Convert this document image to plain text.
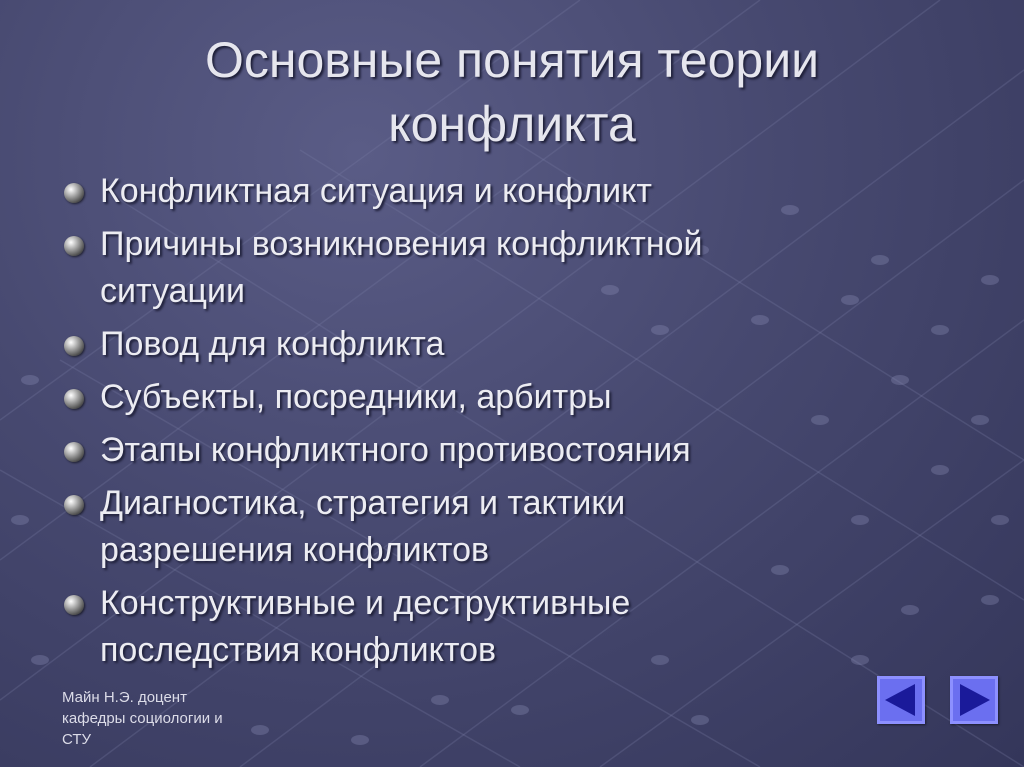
Основные понятия теории
конфликта
Конфликтная ситуация и конфликт
Причины возникновения конфликтной
ситуации
Повод для конфликта
Субъекты, посредники, арбитры
Этапы конфликтного противостояния
Диагностика, стратегия и тактики
разрешения конфликтов
Конструктивные и деструктивные
последствия конфликтов
Майн Н.Э. доцент
кафедры социологии и
СТУ
